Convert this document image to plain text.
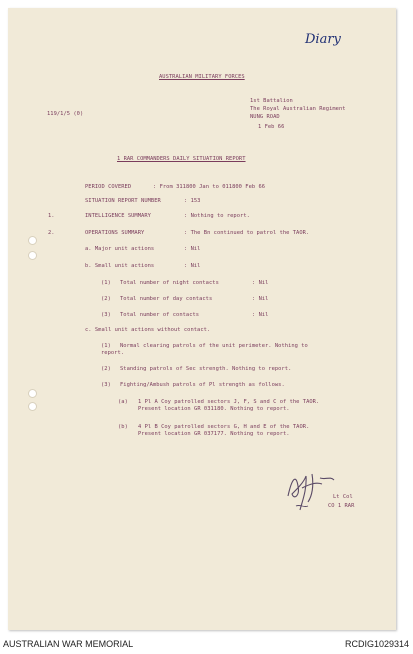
Diary
AUSTRALIAN MILITARY FORCES
119/1/5 (0)
1st Battalion
The Royal Australian Regiment
NUNG ROAD
1 Feb 66
1 RAR COMMANDERS DAILY SITUATION REPORT
PERIOD COVERED	: From 311800 Jan to 011800 Feb 66
SITUATION REPORT NUMBER	: 153
1.	INTELLIGENCE SUMMARY	: Nothing to report.
2.	OPERATIONS SUMMARY	: The Bn continued to patrol the TAOR.
a. Major unit actions	: Nil
b. Small unit actions	: Nil
(1) Total number of night contacts	: Nil
(2) Total number of day contacts	: Nil
(3) Total number of contacts	: Nil
c. Small unit actions without contact.
(1) Normal clearing patrols of the unit perimeter. Nothing to
report.
(2) Standing patrols of Sec strength. Nothing to report.
(3) Fighting/Ambush patrols of Pl strength as follows.
(a) 1 Pl A Coy patrolled sectors J, F, S and C of the TAOR.
Present location GR 031180. Nothing to report.
(b) 4 Pl B Coy patrolled sectors G, H and E of the TAOR.
Present location GR 037177. Nothing to report.
Lt Col
CO 1 RAR
AUSTRALIAN WAR MEMORIAL	RCDIG1029314
